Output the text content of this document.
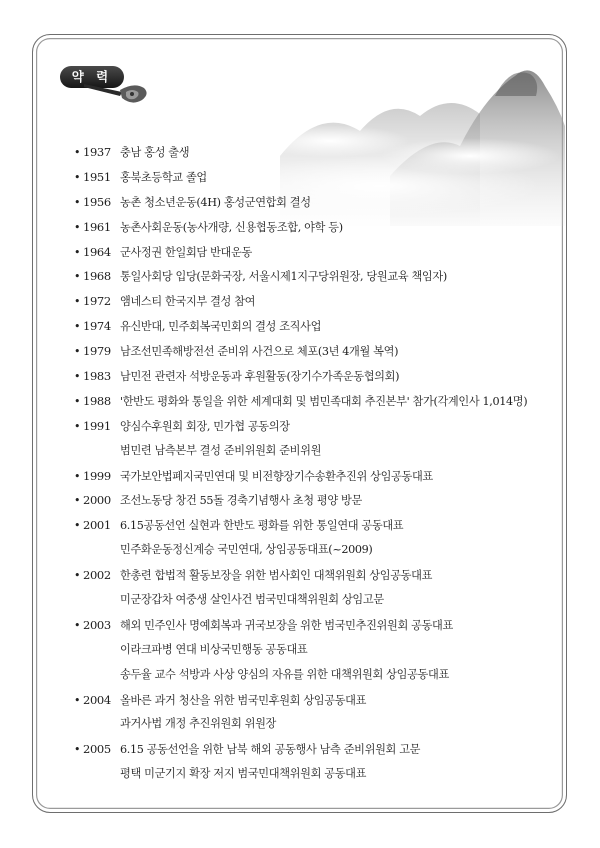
약 력
• 1937 충남 홍성 출생
• 1951 홍북초등학교 졸업
• 1956 농촌 청소년운동(4H) 홍성군연합회 결성
• 1961 농촌사회운동(농사개량, 신용협동조합, 야학 등)
• 1964 군사정권 한일회담 반대운동
• 1968 통일사회당 입당(문화국장, 서울시제1지구당위원장, 당원교육 책임자)
• 1972 앰네스티 한국지부 결성 참여
• 1974 유신반대, 민주회복국민회의 결성 조직사업
• 1979 남조선민족해방전선 준비위 사건으로 체포(3년 4개월 복역)
• 1983 남민전 관련자 석방운동과 후원활동(장기수가족운동협의회)
• 1988 '한반도 평화와 통일을 위한 세계대회 및 범민족대회 추진본부' 참가(각계인사 1,014명)
• 1991 양심수후원회 회장, 민가협 공동의장
범민련 남측본부 결성 준비위원회 준비위원
• 1999 국가보안법폐지국민연대 및 비전향장기수송환추진위 상임공동대표
• 2000 조선노동당 창건 55돌 경축기념행사 초청 평양 방문
• 2001 6.15공동선언 실현과 한반도 평화를 위한 통일연대 공동대표
민주화운동정신계승 국민연대, 상임공동대표(~2009)
• 2002 한총련 합법적 활동보장을 위한 범사회인 대책위원회 상임공동대표
미군장갑차 여중생 살인사건 범국민대책위원회 상임고문
• 2003 해외 민주인사 명예회복과 귀국보장을 위한 범국민추진위원회 공동대표
이라크파병 연대 비상국민행동 공동대표
송두율 교수 석방과 사상 양심의 자유를 위한 대책위원회 상임공동대표
• 2004 올바른 과거 청산을 위한 범국민후원회 상임공동대표
과거사법 개정 추진위원회 위원장
• 2005 6.15 공동선언을 위한 남북 해외 공동행사 남측 준비위원회 고문
평택 미군기지 확장 저지 범국민대책위원회 공동대표
